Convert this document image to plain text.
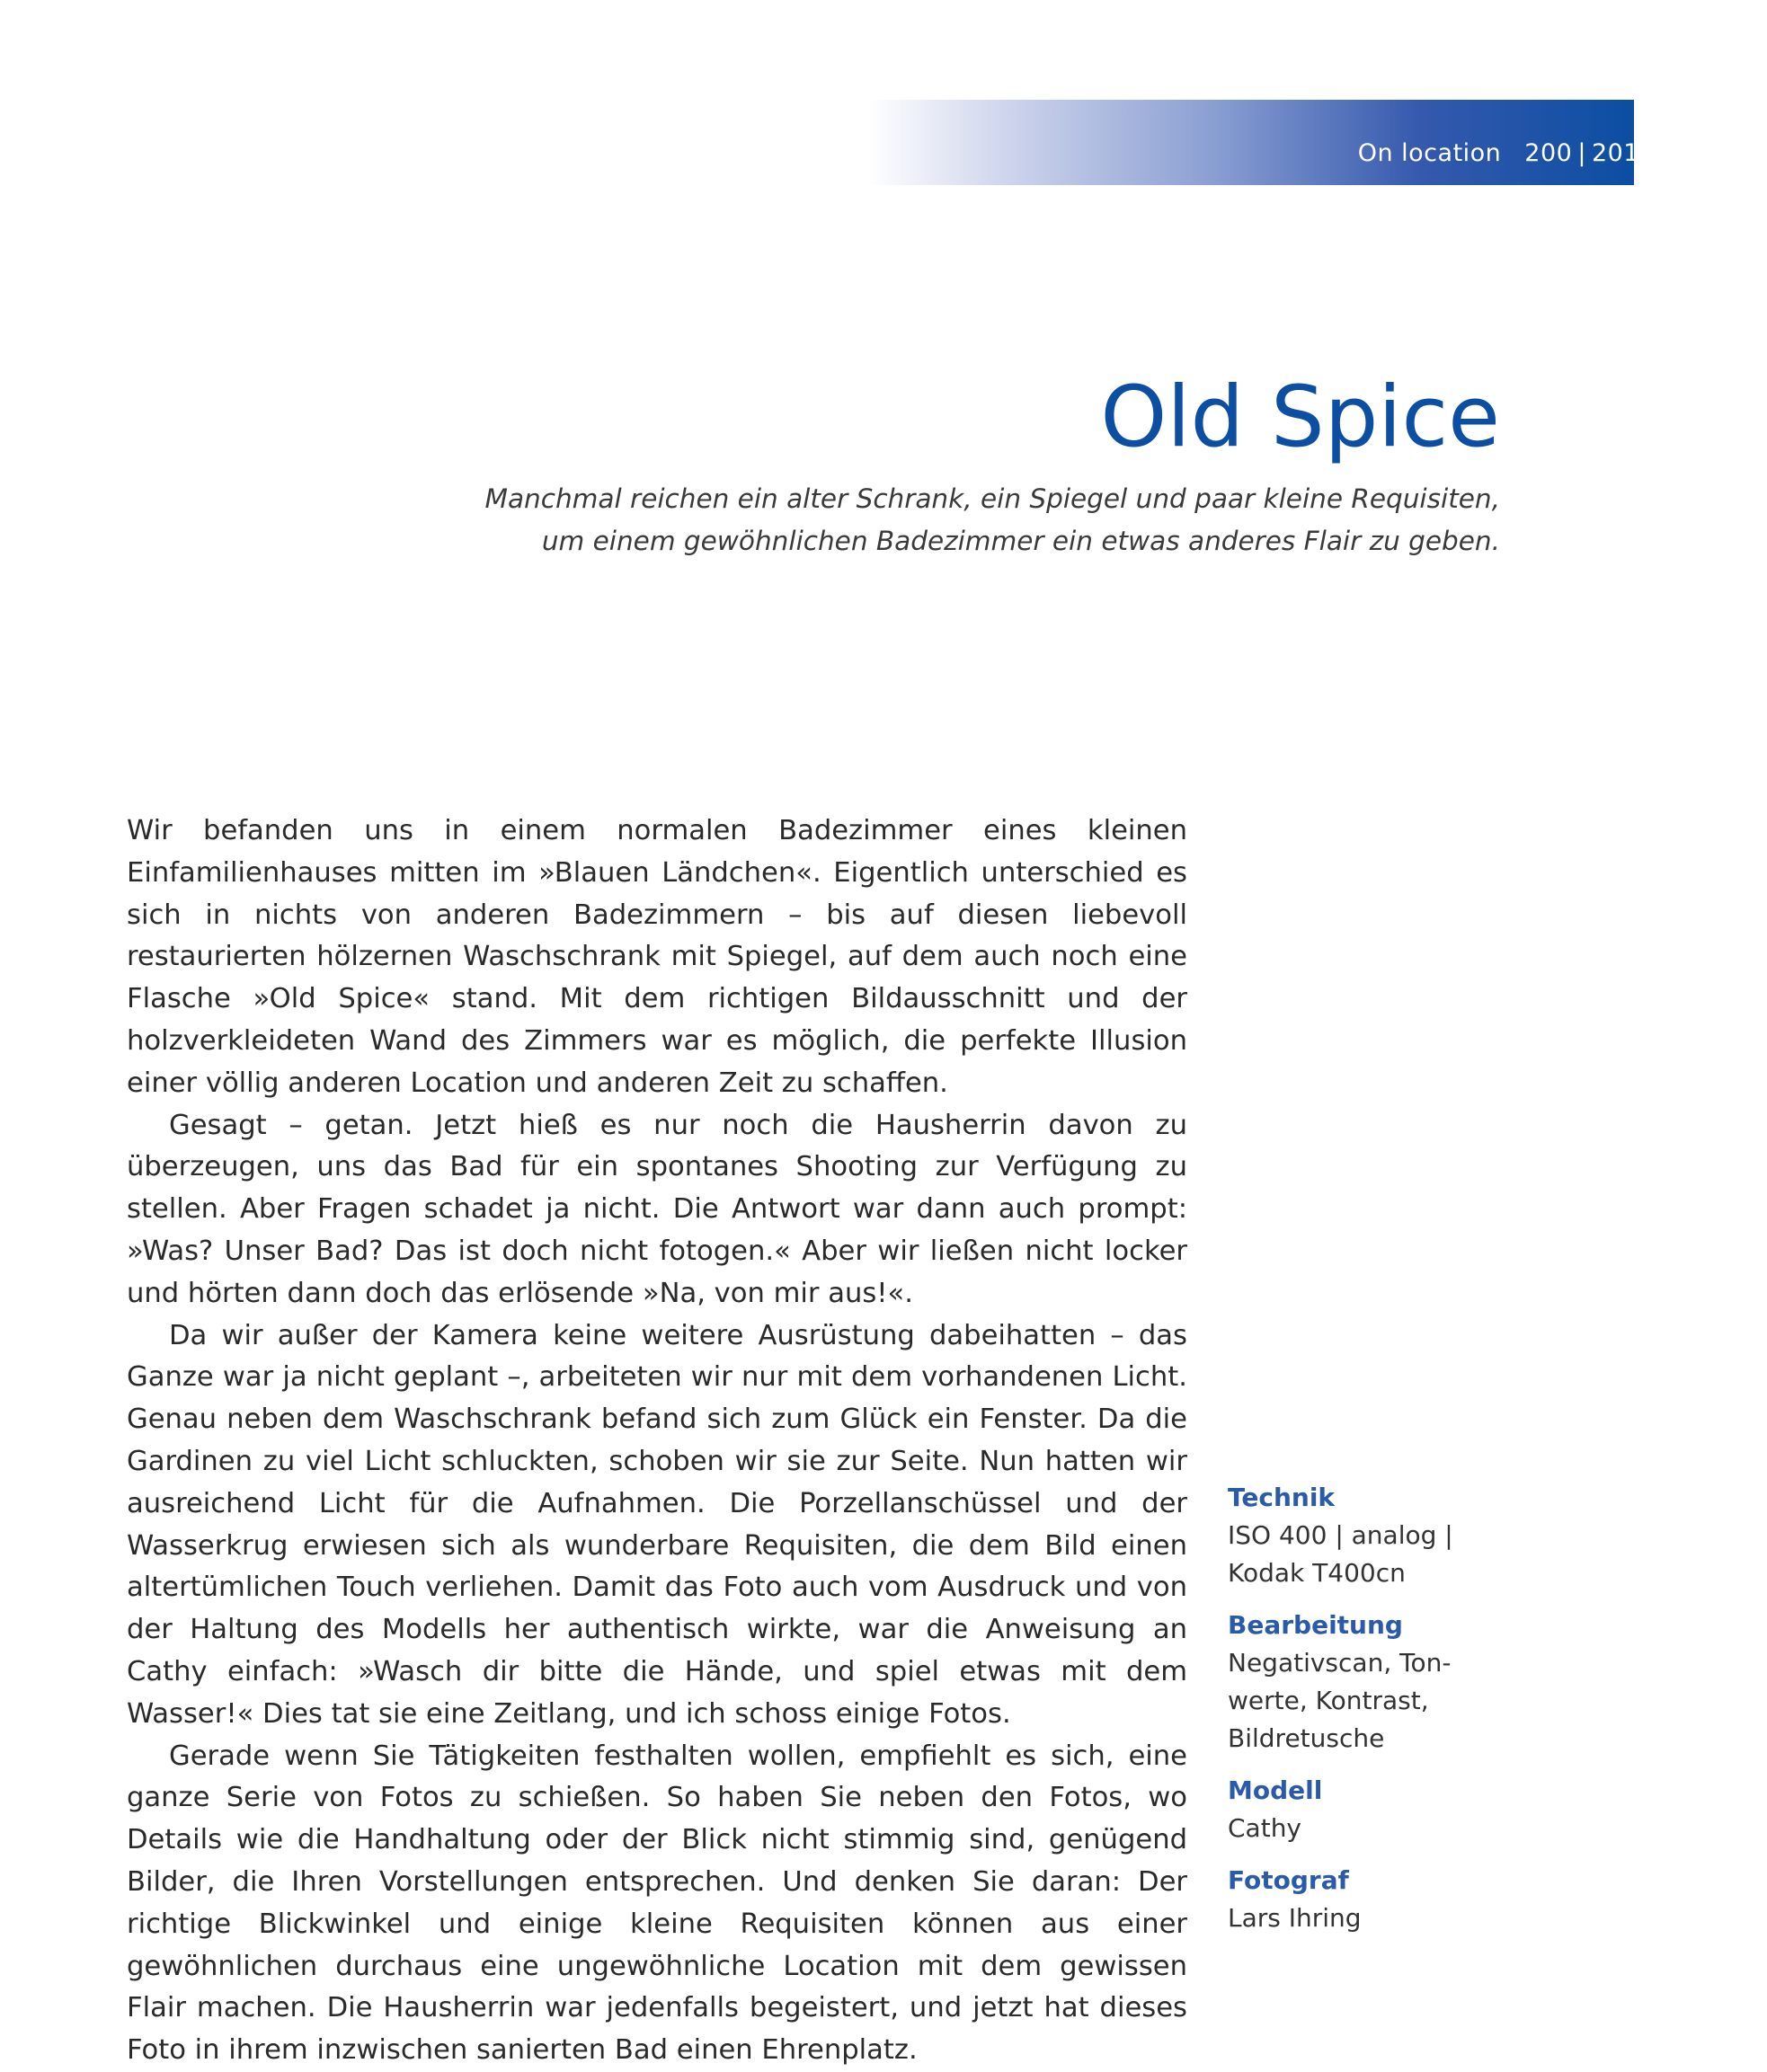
On location 200 | 201
Old Spice
Manchmal reichen ein alter Schrank, ein Spiegel und paar kleine Requisiten,
um einem gewöhnlichen Badezimmer ein etwas anderes Flair zu geben.

Wir befanden uns in einem normalen Badezimmer eines kleinen Einfamilienhauses mitten im »Blauen Ländchen«. Eigentlich unterschied es sich in nichts von anderen Badezimmern – bis auf diesen liebevoll restaurierten hölzernen Waschschrank mit Spiegel, auf dem auch noch eine Flasche »Old Spice« stand. Mit dem richtigen Bildausschnitt und der holzverkleideten Wand des Zimmers war es möglich, die perfekte Illusion einer völlig anderen Location und anderen Zeit zu schaffen.

Gesagt – getan. Jetzt hieß es nur noch die Hausherrin davon zu überzeugen, uns das Bad für ein spontanes Shooting zur Verfügung zu stellen. Aber Fragen schadet ja nicht. Die Antwort war dann auch prompt: »Was? Unser Bad? Das ist doch nicht fotogen.« Aber wir ließen nicht locker und hörten dann doch das erlösende »Na, von mir aus!«.

Da wir außer der Kamera keine weitere Ausrüstung dabeihatten – das Ganze war ja nicht geplant –, arbeiteten wir nur mit dem vorhandenen Licht. Genau neben dem Waschschrank befand sich zum Glück ein Fenster. Da die Gardinen zu viel Licht schluckten, schoben wir sie zur Seite. Nun hatten wir ausreichend Licht für die Aufnahmen. Die Porzellanschüssel und der Wasserkrug erwiesen sich als wunderbare Requisiten, die dem Bild einen altertümlichen Touch verliehen. Damit das Foto auch vom Ausdruck und von der Haltung des Modells her authentisch wirkte, war die Anweisung an Cathy einfach: »Wasch dir bitte die Hände, und spiel etwas mit dem Wasser!« Dies tat sie eine Zeitlang, und ich schoss einige Fotos.

Gerade wenn Sie Tätigkeiten festhalten wollen, empfiehlt es sich, eine ganze Serie von Fotos zu schießen. So haben Sie neben den Fotos, wo Details wie die Handhaltung oder der Blick nicht stimmig sind, genügend Bilder, die Ihren Vorstellungen entsprechen. Und denken Sie daran: Der richtige Blickwinkel und einige kleine Requisiten können aus einer gewöhnlichen durchaus eine ungewöhnliche Location mit dem gewissen Flair machen. Die Hausherrin war jedenfalls begeistert, und jetzt hat dieses Foto in ihrem inzwischen sanierten Bad einen Ehrenplatz.

Technik
ISO 400 | analog |
Kodak T400cn
Bearbeitung
Negativscan, Ton-
werte, Kontrast,
Bildretusche
Modell
Cathy
Fotograf
Lars Ihring
